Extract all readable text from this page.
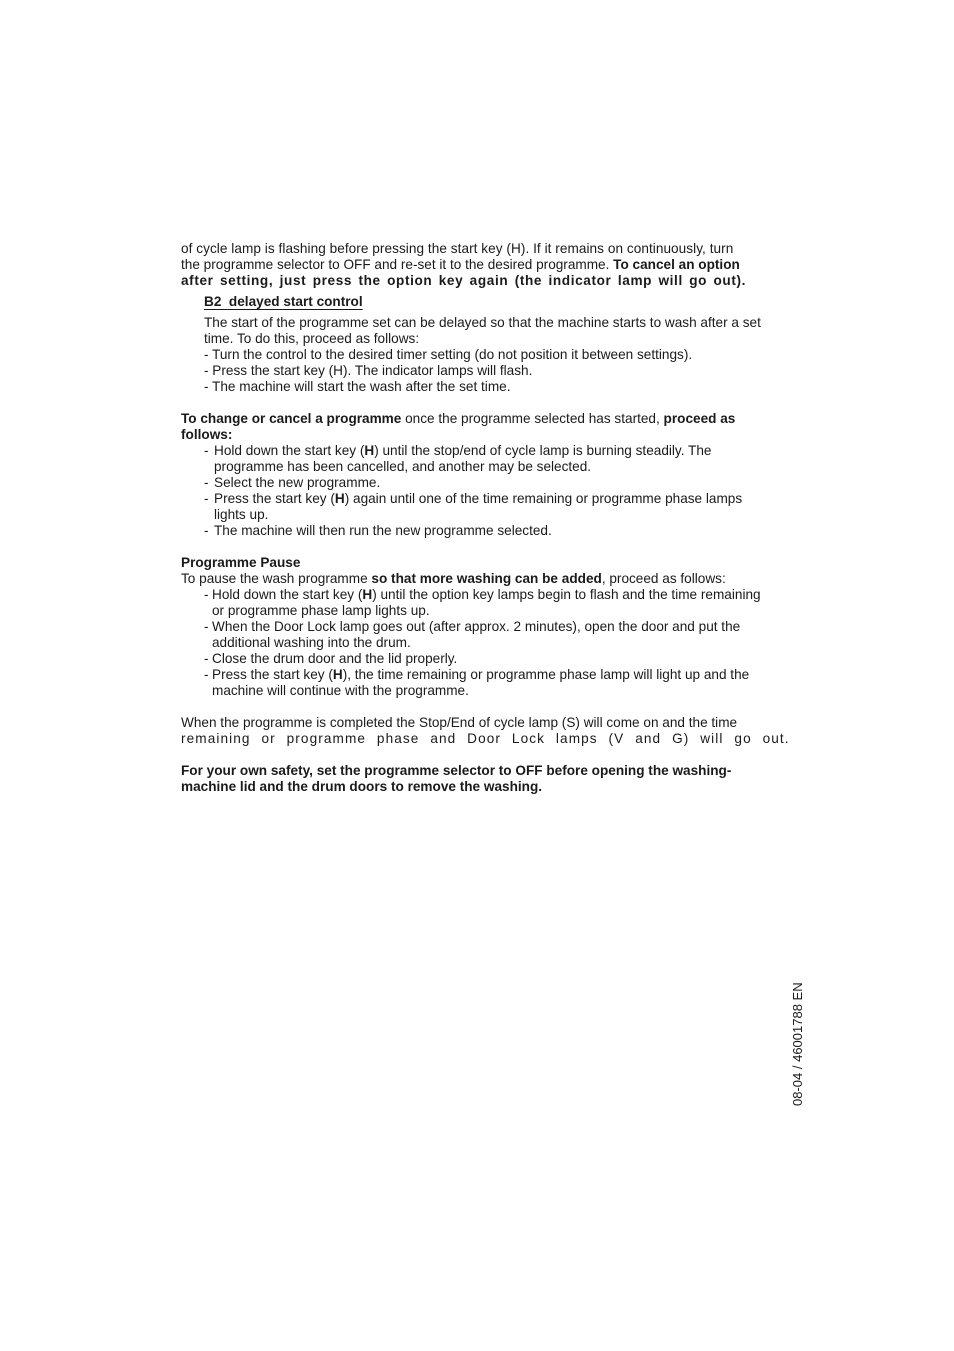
of cycle lamp is flashing before pressing the start key (H). If it remains on continuously, turn
the programme selector to OFF and re-set it to the desired programme. To cancel an option
after setting, just press the option key again (the indicator lamp will go out).
B2  delayed start control
The start of the programme set can be delayed so that the machine starts to wash after a set time. To do this, proceed as follows:
- Turn the control to the desired timer setting (do not position it between settings).
- Press the start key (H). The indicator lamps will flash.
- The machine will start the wash after the set time.
To change or cancel a programme once the programme selected has started, proceed as follows:
- Hold down the start key (H) until the stop/end of cycle lamp is burning steadily. The programme has been cancelled, and another may be selected.
- Select the new programme.
- Press the start key (H) again until one of the time remaining or programme phase lamps lights up.
- The machine will then run the new programme selected.
Programme Pause
To pause the wash programme so that more washing can be added, proceed as follows:
- Hold down the start key (H) until the option key lamps begin to flash and the time remaining or programme phase lamp lights up.
- When the Door Lock lamp goes out (after approx. 2 minutes), open the door and put the additional washing into the drum.
- Close the drum door and the lid properly.
- Press the start key (H), the time remaining or programme phase lamp will light up and the machine will continue with the programme.
When the programme is completed the Stop/End of cycle lamp (S) will come on and the time
remaining or programme phase and Door Lock lamps (V and G) will go out.
For your own safety, set the programme selector to OFF before opening the washing-machine lid and the drum doors to remove the washing.
08-04 / 46001788 EN
